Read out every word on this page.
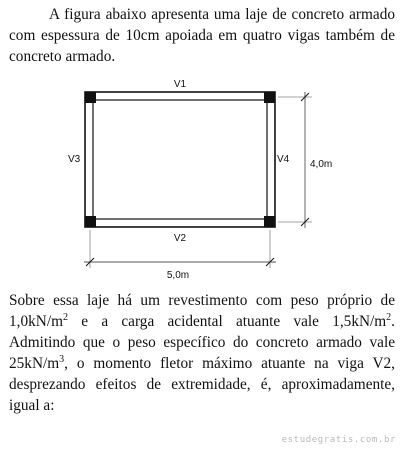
A figura abaixo apresenta uma laje de concreto armado com espessura de 10cm apoiada em quatro vigas também de concreto armado.

V1
V2
V3	V4 4,0m
5,0m

Sobre essa laje há um revestimento com peso próprio de $1,0kN/m^2$ e a carga acidental atuante vale $1,5kN/m^2$. Admitindo que o peso específico do concreto armado vale $25kN/m^3$, o momento fletor máximo atuante na viga V2, desprezando efeitos de extremidade, é, aproximadamente, igual a:

estudegratis.com.br
